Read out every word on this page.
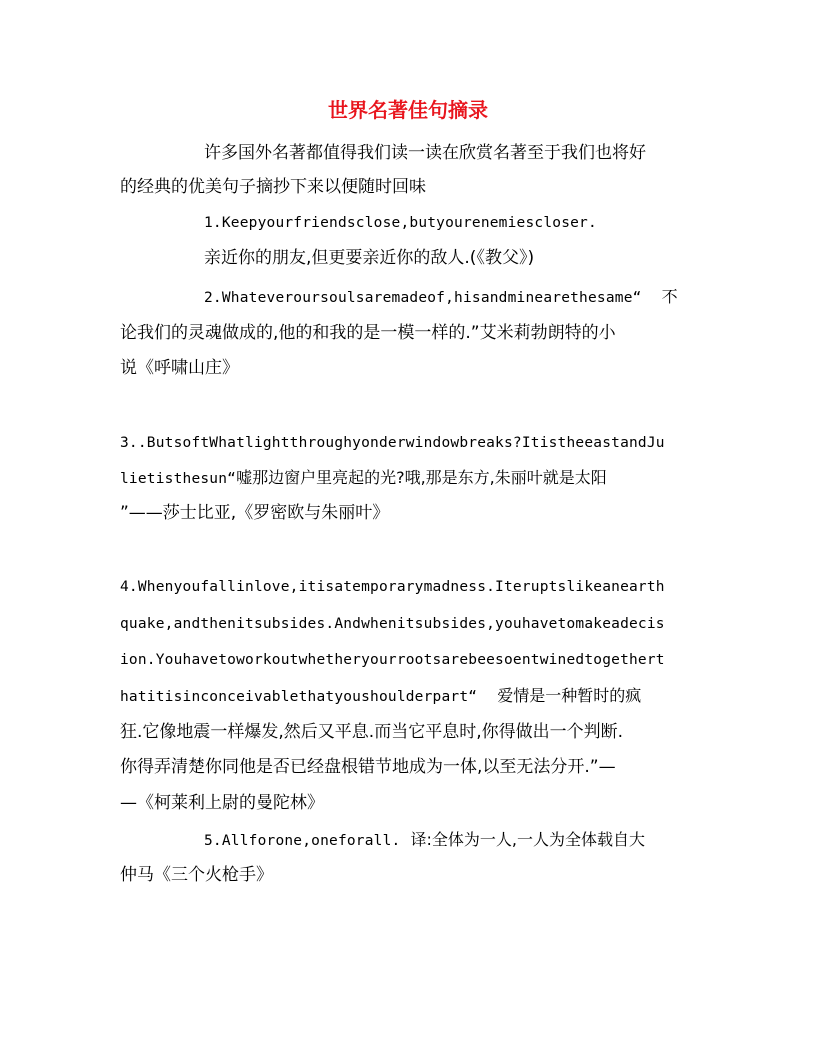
世界名著佳句摘录
许多国外名著都值得我们读一读在欣赏名著至于我们也将好
的经典的优美句子摘抄下来以便随时回味
1.Keepyourfriendsclose,butyourenemiescloser.
亲近你的朋友,但更要亲近你的敌人.(《教父》)
2.Whateveroursoulsaremadeof,hisandminearethesame“ 不
论我们的灵魂做成的,他的和我的是一模一样的.”艾米莉勃朗特的小
说《呼啸山庄》
3..ButsoftWhatlightthroughyonderwindowbreaks?ItistheeastandJu
lietisthesun“嘘那边窗户里亮起的光?哦,那是东方,朱丽叶就是太阳
”——莎士比亚,《罗密欧与朱丽叶》
4.Whenyoufallinlove,itisatemporarymadness.Iteruptslikeanearth
quake,andthenitsubsides.Andwhenitsubsides,youhavetomakeadecis
ion.Youhavetoworkoutwhetheryourrootsarebeesoentwinedtogethert
hatitisinconceivablethatyoushoulderpart“ 爱情是一种暂时的疯
狂.它像地震一样爆发,然后又平息.而当它平息时,你得做出一个判断.
你得弄清楚你同他是否已经盘根错节地成为一体,以至无法分开.”—
—《柯莱利上尉的曼陀林》
5.Allforone,oneforall. 译:全体为一人,一人为全体载自大
仲马《三个火枪手》
